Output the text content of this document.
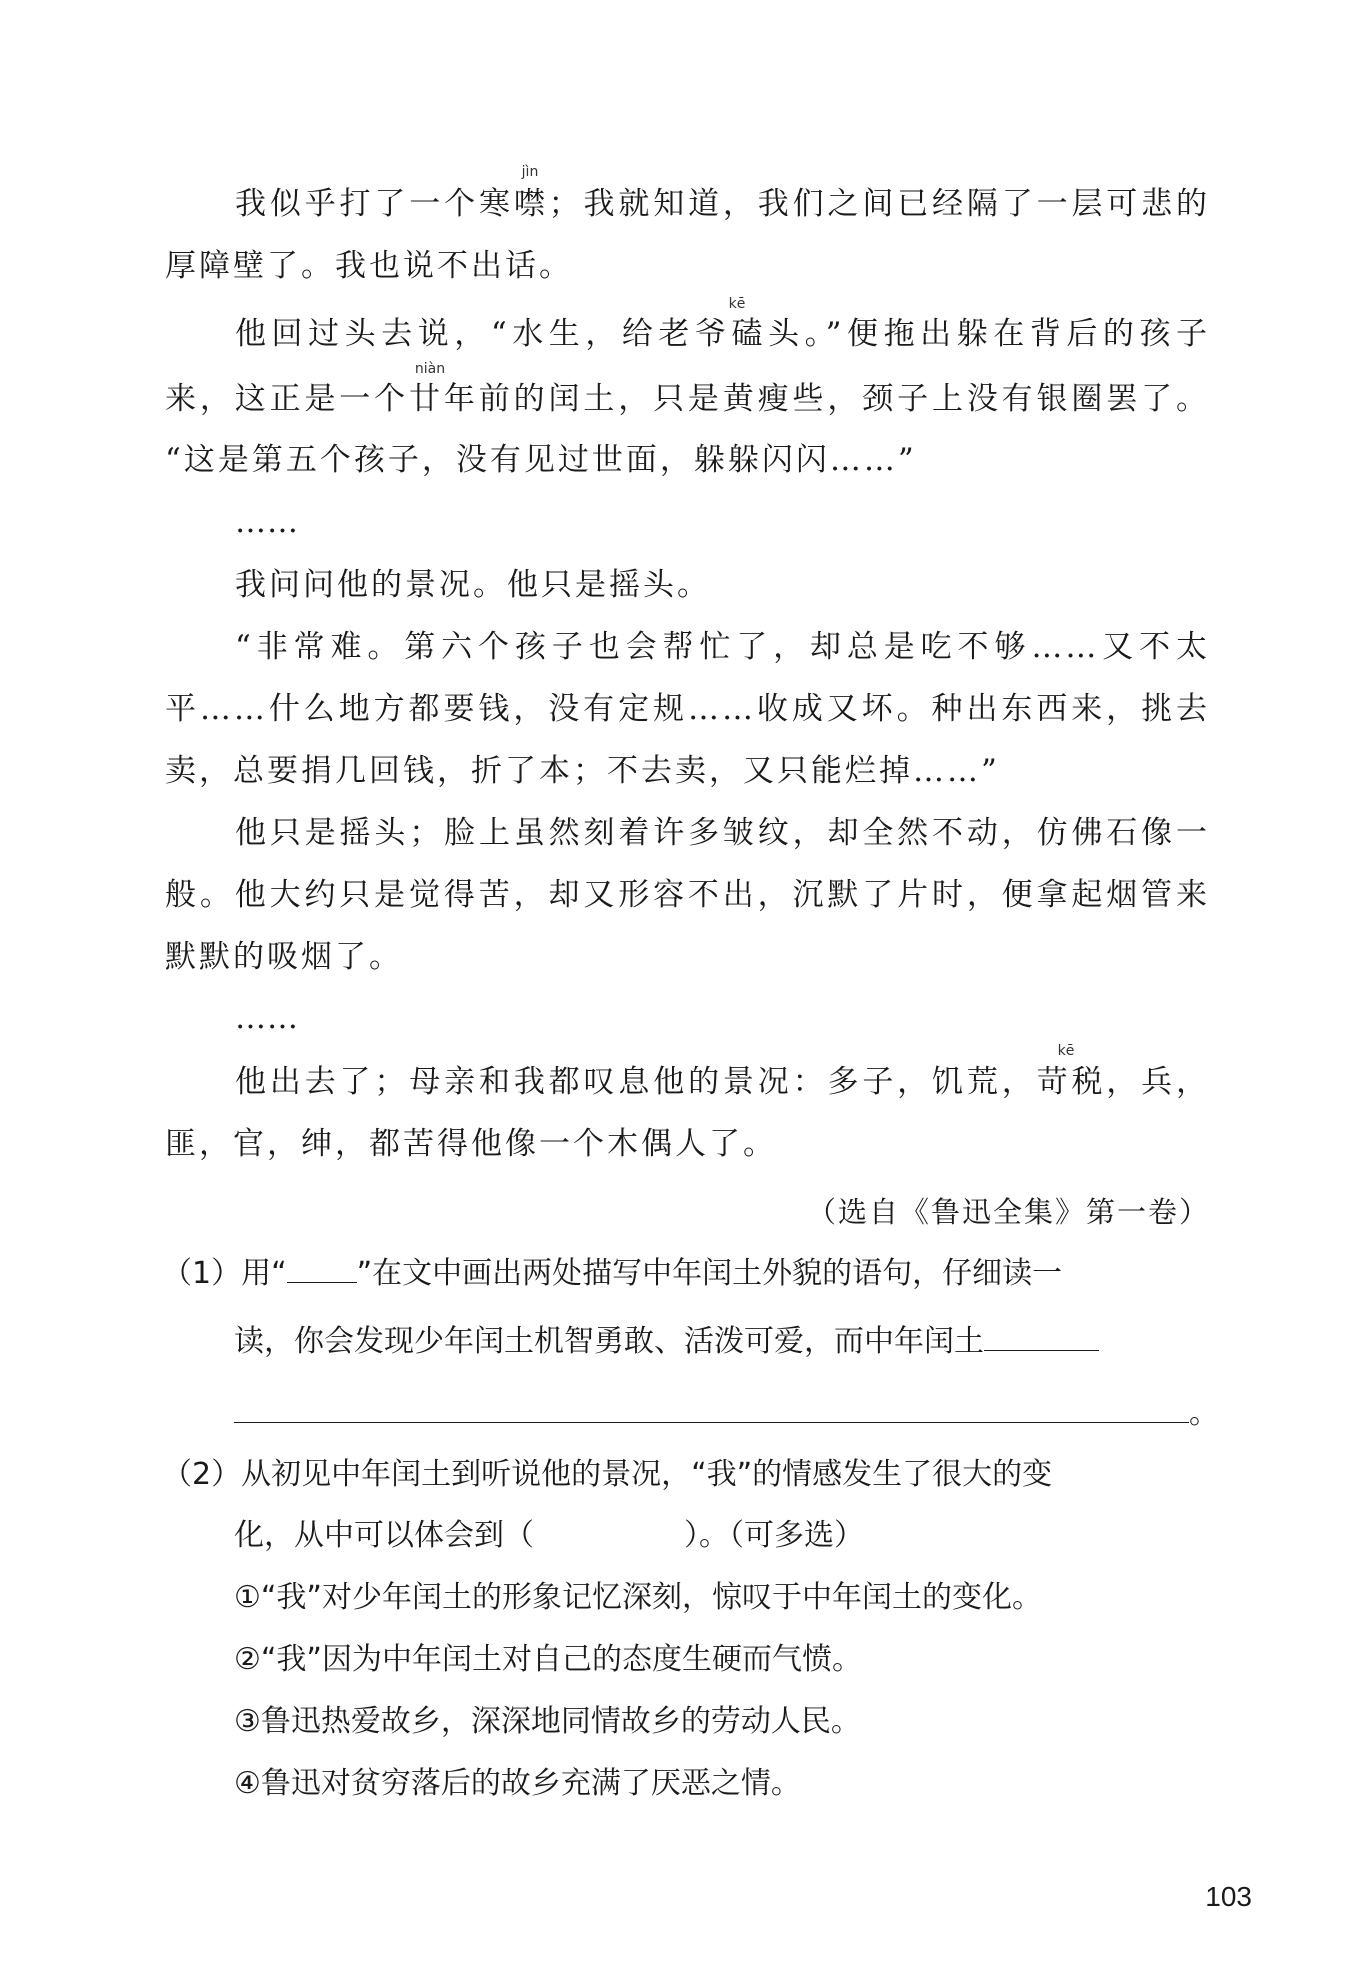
jìn
我似乎打了一个寒噤；我就知道，我们之间已经隔了一层可悲的
厚障壁了。我也说不出话。
kē
他回过头去说，“水生，给老爷磕头。”便拖出躲在背后的孩子
niàn
来，这正是一个廿年前的闰土，只是黄瘦些，颈子上没有银圈罢了。
“这是第五个孩子，没有见过世面，躲躲闪闪……”
……
我问问他的景况。他只是摇头。
“非常难。第六个孩子也会帮忙了，却总是吃不够……又不太
平……什么地方都要钱，没有定规……收成又坏。种出东西来，挑去
卖，总要捐几回钱，折了本；不去卖，又只能烂掉……”
他只是摇头；脸上虽然刻着许多皱纹，却全然不动，仿佛石像一
般。他大约只是觉得苦，却又形容不出，沉默了片时，便拿起烟管来
默默的吸烟了。
……
kē
他出去了；母亲和我都叹息他的景况：多子，饥荒，苛税，兵，
匪，官，绅，都苦得他像一个木偶人了。
（选自《鲁迅全集》第一卷）
（1）用“ ”在文中画出两处描写中年闰土外貌的语句，仔细读一
读，你会发现少年闰土机智勇敢、活泼可爱，而中年闰土
。
（2）从初见中年闰土到听说他的景况，“我”的情感发生了很大的变
化，从中可以体会到（	）。（可多选）
①“我”对少年闰土的形象记忆深刻，惊叹于中年闰土的变化。
②“我”因为中年闰土对自己的态度生硬而气愤。
③鲁迅热爱故乡，深深地同情故乡的劳动人民。
④鲁迅对贫穷落后的故乡充满了厌恶之情。
103
